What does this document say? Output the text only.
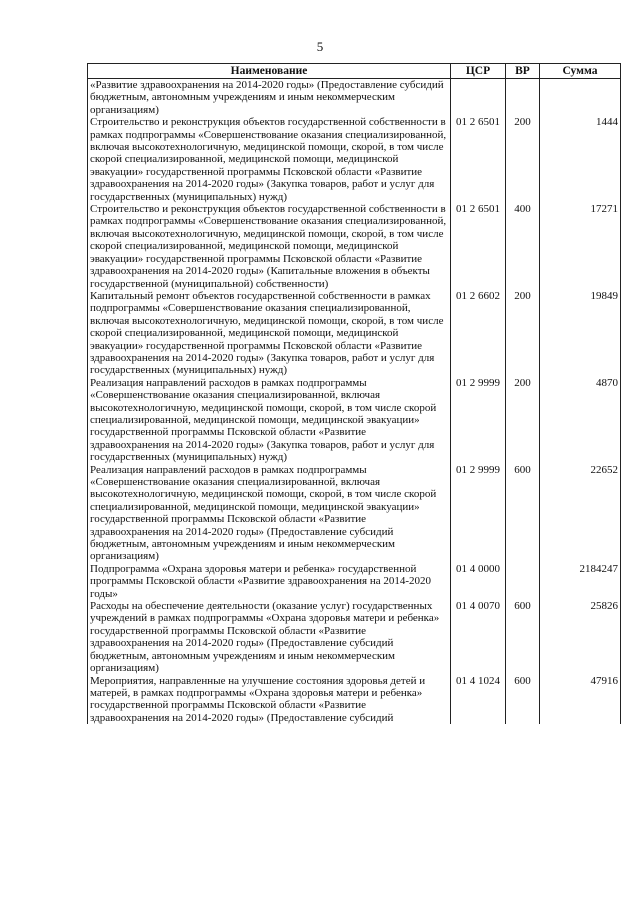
5
Наименование	ЦСР	ВР	Сумма
«Развитие здравоохранения на 2014-2020 годы» (Предоставление субсидий бюджетным, автономным учреждениям и иным некоммерческим организациям)			
Строительство и реконструкция объектов государственной собственности в рамках подпрограммы «Совершенствование оказания специализированной, включая высокотехнологичную, медицинской помощи, скорой, в том числе скорой специализированной, медицинской помощи, медицинской эвакуации» государственной программы Псковской области «Развитие здравоохранения на 2014-2020 годы» (Закупка товаров, работ и услуг для государственных (муниципальных) нужд)	01 2 6501	200	1444
Строительство и реконструкция объектов государственной собственности в рамках подпрограммы «Совершенствование оказания специализированной, включая высокотехнологичную, медицинской помощи, скорой, в том числе скорой специализированной, медицинской помощи, медицинской эвакуации» государственной программы Псковской области «Развитие здравоохранения на 2014-2020 годы» (Капитальные вложения в объекты государственной (муниципальной) собственности)	01 2 6501	400	17271
Капитальный ремонт объектов государственной собственности в рамках подпрограммы «Совершенствование оказания специализированной, включая высокотехнологичную, медицинской помощи, скорой, в том числе скорой специализированной, медицинской помощи, медицинской эвакуации» государственной программы Псковской области «Развитие здравоохранения на 2014-2020 годы» (Закупка товаров, работ и услуг для государственных (муниципальных) нужд)	01 2 6602	200	19849
Реализация направлений расходов в рамках подпрограммы «Совершенствование оказания специализированной, включая высокотехнологичную, медицинской помощи, скорой, в том числе скорой специализированной, медицинской помощи, медицинской эвакуации» государственной программы Псковской области «Развитие здравоохранения на 2014-2020 годы» (Закупка товаров, работ и услуг для государственных (муниципальных) нужд)	01 2 9999	200	4870
Реализация направлений расходов в рамках подпрограммы «Совершенствование оказания специализированной, включая высокотехнологичную, медицинской помощи, скорой, в том числе скорой специализированной, медицинской помощи, медицинской эвакуации» государственной программы Псковской области «Развитие здравоохранения на 2014-2020 годы» (Предоставление субсидий бюджетным, автономным учреждениям и иным некоммерческим организациям)	01 2 9999	600	22652
Подпрограмма «Охрана здоровья матери и ребенка» государственной программы Псковской области «Развитие здравоохранения на 2014-2020 годы»	01 4 0000		2184247
Расходы на обеспечение деятельности (оказание услуг) государственных учреждений в рамках подпрограммы «Охрана здоровья матери и ребенка» государственной программы Псковской области «Развитие здравоохранения на 2014-2020 годы» (Предоставление субсидий бюджетным, автономным учреждениям и иным некоммерческим организациям)	01 4 0070	600	25826
Мероприятия, направленные на улучшение состояния здоровья детей и матерей, в рамках подпрограммы «Охрана здоровья матери и ребенка» государственной программы Псковской области «Развитие здравоохранения на 2014-2020 годы» (Предоставление субсидий	01 4 1024	600	47916
